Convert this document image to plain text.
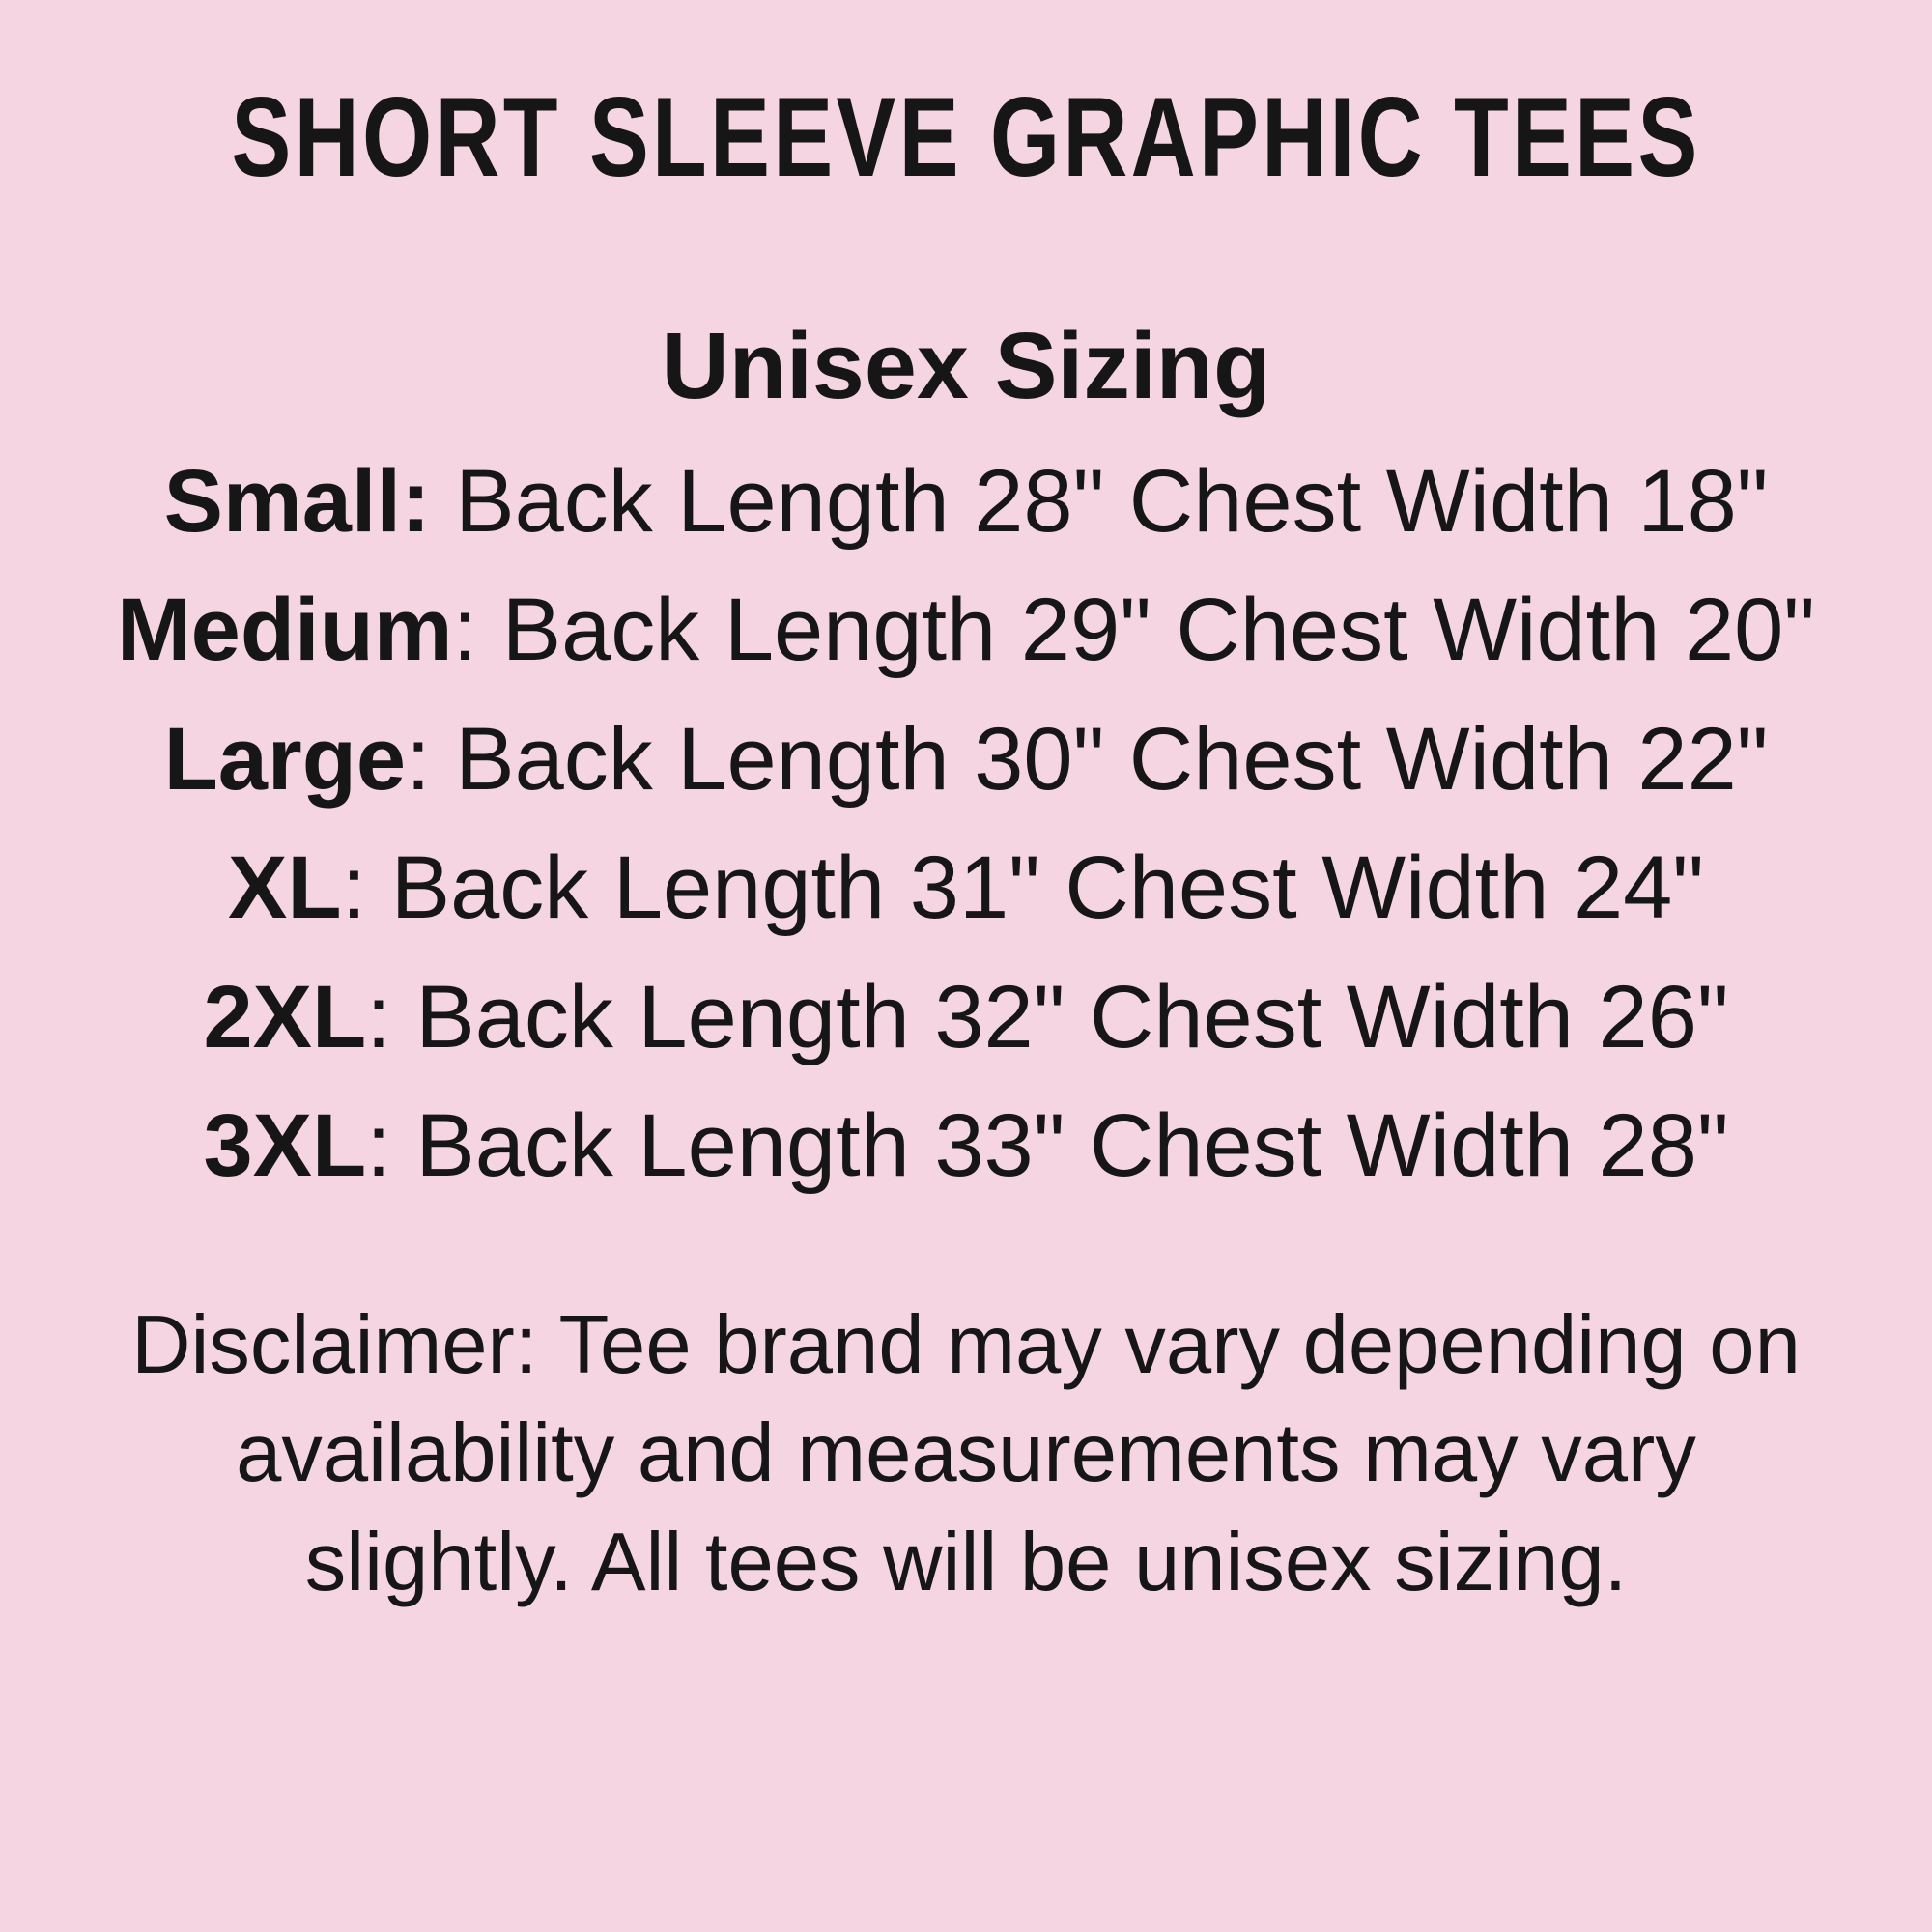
SHORT SLEEVE GRAPHIC TEES
Unisex Sizing
Small: Back Length 28" Chest Width 18"
Medium: Back Length 29" Chest Width 20"
Large: Back Length 30" Chest Width 22"
XL: Back Length 31" Chest Width 24"
2XL: Back Length 32" Chest Width 26"
3XL: Back Length 33" Chest Width 28"
Disclaimer: Tee brand may vary depending on
availability and measurements may vary
slightly. All tees will be unisex sizing.
